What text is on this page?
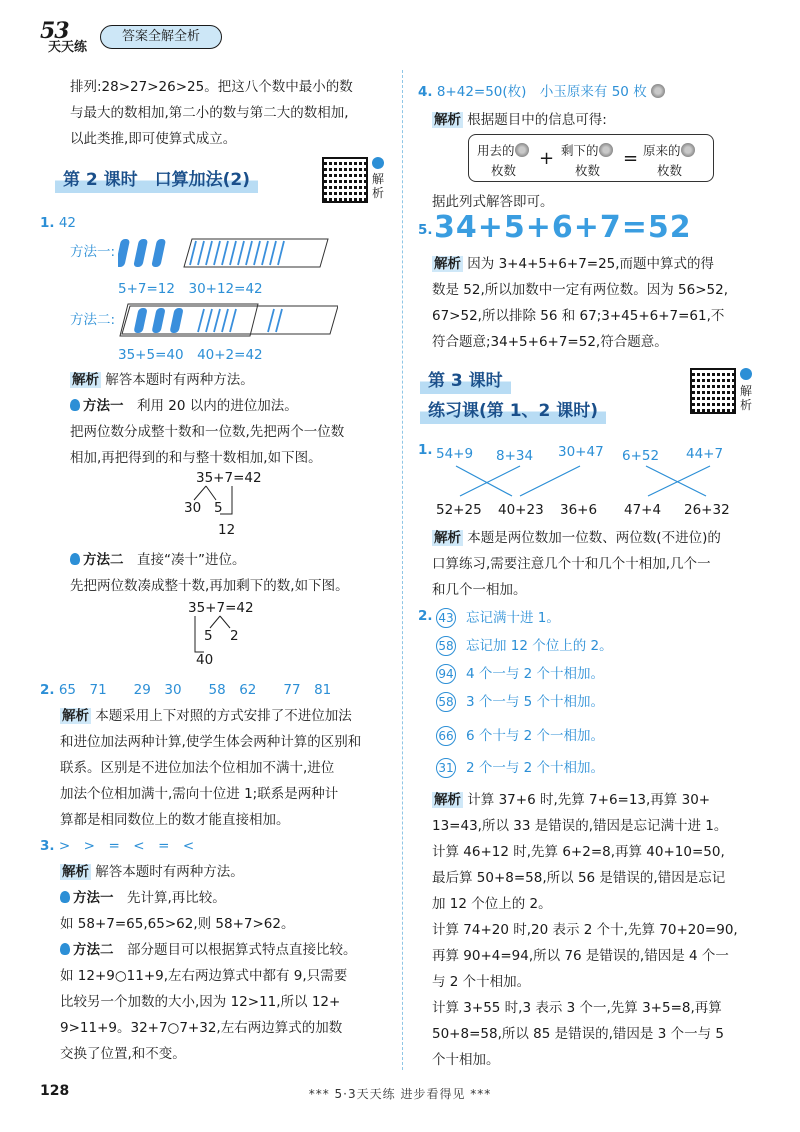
53
天天练
答案全解全析
排列:28>27>26>25。把这八个数中最小的数
与最大的数相加,第二小的数与第二大的数相加,
以此类推,即可使算式成立。
第 2 课时　口算加法(2)	解析
1. 42
方法一:
5+7=12　30+12=42
方法二:
35+5=40　40+2=42
解析 解答本题时有两种方法。
方法一　 利用 20 以内的进位加法。
把两位数分成整十数和一位数,先把两个一位数
相加,再把得到的和与整十数相加,如下图。
35+7=42
30 5
12
方法二　 直接“凑十”进位。
先把两位数凑成整十数,再加剩下的数,如下图。
35+7=42
5 2
40
2. 65　71　　29　30　　58　62　　77　81
解析 本题采用上下对照的方式安排了不进位加法
和进位加法两种计算,使学生体会两种计算的区别和
联系。区别是不进位加法个位相加不满十,进位
加法个位相加满十,需向十位进 1;联系是两种计
算都是相同数位上的数才能直接相加。
3. >　>　=　<　=　<
解析 解答本题时有两种方法。
方法一　 先计算,再比较。
如 58+7=65,65>62,则 58+7>62。
方法二　 部分题目可以根据算式特点直接比较。
如 12+9○11+9,左右两边算式中都有 9,只需要
比较另一个加数的大小,因为 12>11,所以 12+
9>11+9。32+7○7+32,左右两边算式的加数
交换了位置,和不变。
4. 8+42=50(枚)　小玉原来有 50 枚
解析 根据题目中的信息可得:
用去的
枚数
+ 剩下的
枚数
= 原来的
枚数
据此列式解答即可。
5. 34+5+6+7=52
解析 因为 3+4+5+6+7=25,而题中算式的得
数是 52,所以加数中一定有两位数。因为 56>52,
67>52,所以排除 56 和 67;3+45+6+7=61,不
符合题意;34+5+6+7=52,符合题意。
第 3 课时
练习课(第 1、2 课时)
解析
1. 54+9 8+34 30+47 6+52 44+7
52+25 40+23 36+6 47+4 26+32
解析 本题是两位数加一位数、两位数(不进位)的
口算练习,需要注意几个十和几个十相加,几个一
和几个一相加。
2. 43 忘记满十进 1。
58 忘记加 12 个位上的 2。
94 4 个一与 2 个十相加。
58 3 个一与 5 个十相加。
66 6 个十与 2 个一相加。
31 2 个一与 2 个十相加。
解析 计算 37+6 时,先算 7+6=13,再算 30+
13=43,所以 33 是错误的,错因是忘记满十进 1。
计算 46+12 时,先算 6+2=8,再算 40+10=50,
最后算 50+8=58,所以 56 是错误的,错因是忘记
加 12 个位上的 2。
计算 74+20 时,20 表示 2 个十,先算 70+20=90,
再算 90+4=94,所以 76 是错误的,错因是 4 个一
与 2 个十相加。
计算 3+55 时,3 表示 3 个一,先算 3+5=8,再算
50+8=58,所以 85 是错误的,错因是 3 个一与 5
个十相加。
128	*** 5·3天天练 进步看得见 ***
